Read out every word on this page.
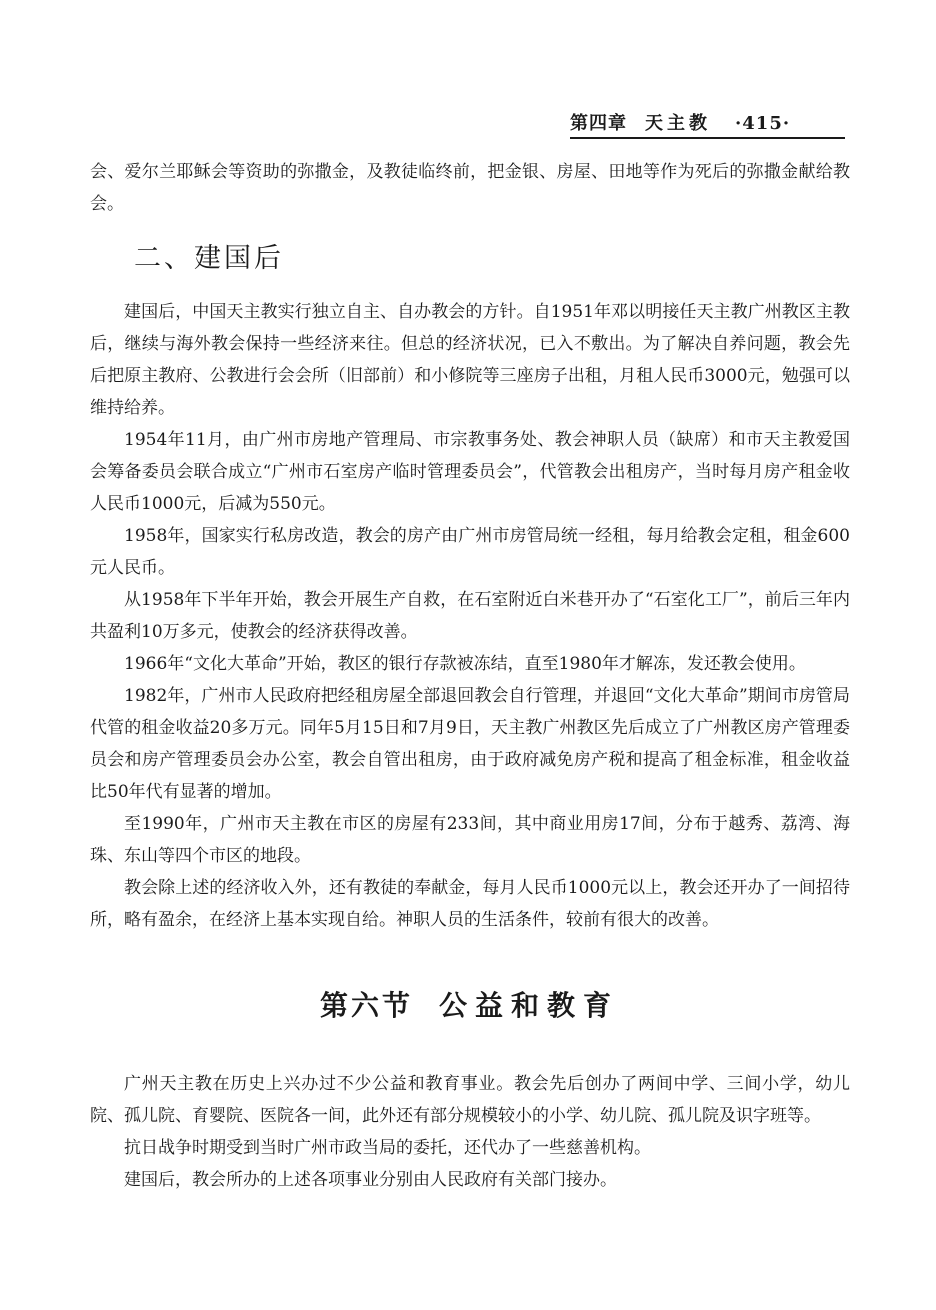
第四章 天主教 ·415·

会、爱尔兰耶稣会等资助的弥撒金，及教徒临终前，把金银、房屋、田地等作为死后的弥撒金献给教会。

二、建国后

建国后，中国天主教实行独立自主、自办教会的方针。自1951年邓以明接任天主教广州教区主教后，继续与海外教会保持一些经济来往。但总的经济状况，已入不敷出。为了解决自养问题，教会先后把原主教府、公教进行会会所（旧部前）和小修院等三座房子出租，月租人民币3000元，勉强可以维持给养。

1954年11月，由广州市房地产管理局、市宗教事务处、教会神职人员（缺席）和市天主教爱国会筹备委员会联合成立“广州市石室房产临时管理委员会”，代管教会出租房产，当时每月房产租金收人民币1000元，后减为550元。

1958年，国家实行私房改造，教会的房产由广州市房管局统一经租，每月给教会定租，租金600元人民币。

从1958年下半年开始，教会开展生产自救，在石室附近白米巷开办了“石室化工厂”，前后三年内共盈利10万多元，使教会的经济获得改善。

1966年“文化大革命”开始，教区的银行存款被冻结，直至1980年才解冻，发还教会使用。

1982年，广州市人民政府把经租房屋全部退回教会自行管理，并退回“文化大革命”期间市房管局代管的租金收益20多万元。同年5月15日和7月9日，天主教广州教区先后成立了广州教区房产管理委员会和房产管理委员会办公室，教会自管出租房，由于政府减免房产税和提高了租金标准，租金收益比50年代有显著的增加。

至1990年，广州市天主教在市区的房屋有233间，其中商业用房17间，分布于越秀、荔湾、海珠、东山等四个市区的地段。

教会除上述的经济收入外，还有教徒的奉献金，每月人民币1000元以上，教会还开办了一间招待所，略有盈余，在经济上基本实现自给。神职人员的生活条件，较前有很大的改善。

第六节 公益和教育

广州天主教在历史上兴办过不少公益和教育事业。教会先后创办了两间中学、三间小学，幼儿院、孤儿院、育婴院、医院各一间，此外还有部分规模较小的小学、幼儿院、孤儿院及识字班等。

抗日战争时期受到当时广州市政当局的委托，还代办了一些慈善机构。

建国后，教会所办的上述各项事业分别由人民政府有关部门接办。
